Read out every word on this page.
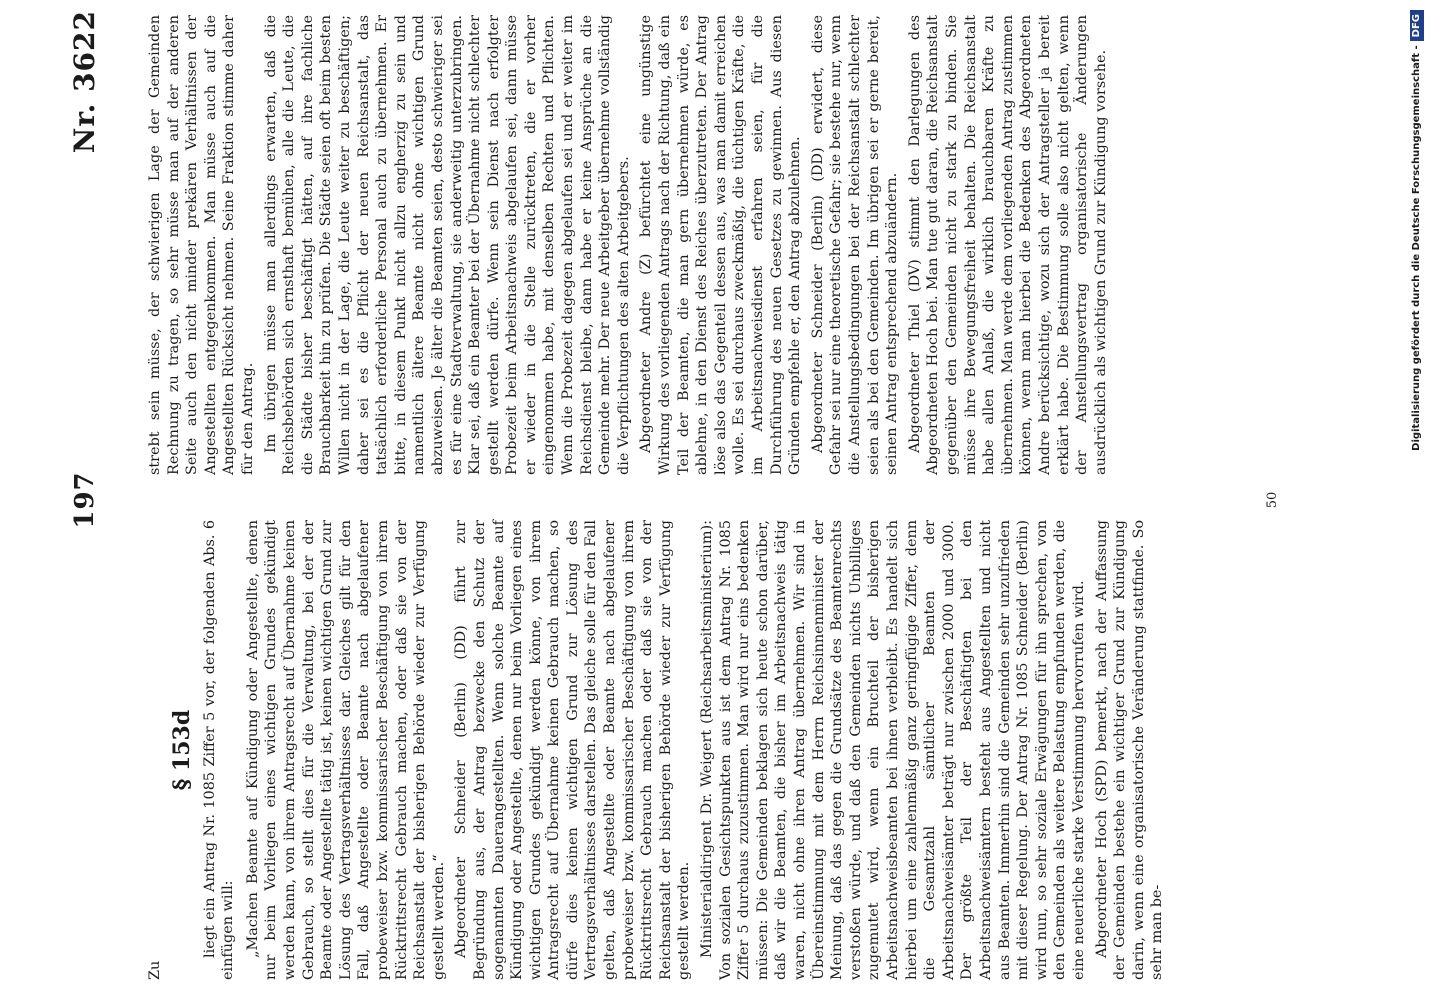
197
Nr. 3622

Zu

§ 153d liegt ein Antrag Nr. 1085 Ziffer 5 vor, der folgenden Abs. 6 einfügen will: „Machen Beamte auf Kündigung oder Angestellte, denen nur beim Vorliegen eines wichtigen Grundes gekündigt werden kann, von ihrem Antragsrecht auf Übernahme keinen Gebrauch, so stellt dies für die Verwaltung, bei der der Beamte oder Angestellte tätig ist, keinen wichtigen Grund zur Lösung des Vertragsverhältnisses dar. Gleiches gilt für den Fall, daß Angestellte oder Beamte nach abgelaufener probeweiser bzw. kommissarischer Beschäftigung von ihrem Rücktrittsrecht Gebrauch machen, oder daß sie von der Reichsanstalt der bisherigen Behörde wieder zur Verfügung gestellt werden.“ Abgeordneter Schneider (Berlin) (DD) führt zur Begründung aus, der Antrag bezwecke den Schutz der sogenannten Dauerangestellten. Wenn solche Beamte auf Kündigung oder Angestellte, denen nur beim Vorliegen eines wichtigen Grundes gekündigt werden könne, von ihrem Antragsrecht auf Übernahme keinen Gebrauch machen, so dürfe dies keinen wichtigen Grund zur Lösung des Vertragsverhältnisses darstellen. Das gleiche solle für den Fall gelten, daß Angestellte oder Beamte nach abgelaufener probeweiser bzw. kommissarischer Beschäftigung von ihrem Rücktrittsrecht Gebrauch machen oder daß sie von der Reichsanstalt der bisherigen Behörde wieder zur Verfügung gestellt werden. Ministerialdirigent Dr. Weigert (Reichsarbeitsministerium): Von sozialen Gesichtspunkten aus ist dem Antrag Nr. 1085 Ziffer 5 durchaus zuzustimmen. Man wird nur eins bedenken müssen: Die Gemeinden beklagen sich heute schon darüber, daß wir die Beamten, die bisher im Arbeitsnachweis tätig waren, nicht ohne ihren Antrag übernehmen. Wir sind in Übereinstimmung mit dem Herrn Reichsinnenminister der Meinung, daß das gegen die Grundsätze des Beamtenrechts verstoßen würde, und daß den Gemeinden nichts Unbilliges zugemutet wird, wenn ein Bruchteil der bisherigen Arbeitsnachweisbeamten bei ihnen verbleibt. Es handelt sich hierbei um eine zahlenmäßig ganz geringfügige Ziffer, denn die Gesamtzahl sämtlicher Beamten der Arbeitsnachweisämter beträgt nur zwischen 2000 und 3000. Der größte Teil der Beschäftigten bei den Arbeitsnachweisämtern besteht aus Angestellten und nicht aus Beamten. Immerhin sind die Gemeinden sehr unzufrieden mit dieser Regelung. Der Antrag Nr. 1085 Schneider (Berlin) wird nun, so sehr soziale Erwägungen für ihn sprechen, von den Gemeinden als weitere Belastung empfunden werden, die eine neuerliche starke Verstimmung hervorrufen wird. Abgeordneter Hoch (SPD) bemerkt, nach der Auffassung der Gemeinden bestehe ein wichtiger Grund zur Kündigung darin, wenn eine organisatorische Veränderung stattfinde. So sehr man be-

strebt sein müsse, der schwierigen Lage der Gemeinden Rechnung zu tragen, so sehr müsse man auf der anderen Seite auch den nicht minder prekären Verhältnissen der Angestellten entgegenkommen. Man müsse auch auf die Angestellten Rücksicht nehmen. Seine Fraktion stimme daher für den Antrag. Im übrigen müsse man allerdings erwarten, daß die Reichsbehörden sich ernsthaft bemühen, alle die Leute, die die Städte bisher beschäftigt hätten, auf ihre fachliche Brauchbarkeit hin zu prüfen. Die Städte seien oft beim besten Willen nicht in der Lage, die Leute weiter zu beschäftigen; daher sei es die Pflicht der neuen Reichsanstalt, das tatsächlich erforderliche Personal auch zu übernehmen. Er bitte, in diesem Punkt nicht allzu engherzig zu sein und namentlich ältere Beamte nicht ohne wichtigen Grund abzuweisen. Je älter die Beamten seien, desto schwieriger sei es für eine Stadtverwaltung, sie anderweitig unterzubringen. Klar sei, daß ein Beamter bei der Übernahme nicht schlechter gestellt werden dürfe. Wenn sein Dienst nach erfolgter Probezeit beim Arbeitsnachweis abgelaufen sei, dann müsse er wieder in die Stelle zurücktreten, die er vorher eingenommen habe, mit denselben Rechten und Pflichten. Wenn die Probezeit dagegen abgelaufen sei und er weiter im Reichsdienst bleibe, dann habe er keine Ansprüche an die Gemeinde mehr. Der neue Arbeitgeber übernehme vollständig die Verpflichtungen des alten Arbeitgebers. Abgeordneter Andre (Z) befürchtet eine ungünstige Wirkung des vorliegenden Antrags nach der Richtung, daß ein Teil der Beamten, die man gern übernehmen würde, es ablehne, in den Dienst des Reiches überzutreten. Der Antrag löse also das Gegenteil dessen aus, was man damit erreichen wolle. Es sei durchaus zweckmäßig, die tüchtigen Kräfte, die im Arbeitsnachweisdienst erfahren seien, für die Durchführung des neuen Gesetzes zu gewinnen. Aus diesen Gründen empfehle er, den Antrag abzulehnen. Abgeordneter Schneider (Berlin) (DD) erwidert, diese Gefahr sei nur eine theoretische Gefahr; sie bestehe nur, wenn die Anstellungsbedingungen bei der Reichsanstalt schlechter seien als bei den Gemeinden. Im übrigen sei er gerne bereit, seinen Antrag entsprechend abzuändern. Abgeordneter Thiel (DV) stimmt den Darlegungen des Abgeordneten Hoch bei. Man tue gut daran, die Reichsanstalt gegenüber den Gemeinden nicht zu stark zu binden. Sie müsse ihre Bewegungsfreiheit behalten. Die Reichsanstalt habe allen Anlaß, die wirklich brauchbaren Kräfte zu übernehmen. Man werde dem vorliegenden Antrag zustimmen können, wenn man hierbei die Bedenken des Abgeordneten Andre berücksichtige, wozu sich der Antragsteller ja bereit erklärt habe. Die Bestimmung solle also nicht gelten, wenn der Anstellungsvertrag organisatorische Änderungen ausdrücklich als wichtigen Grund zur Kündigung vorsehe.

50
Digitalisierung gefördert durch die Deutsche Forschungsgemeinschaft -DFG
